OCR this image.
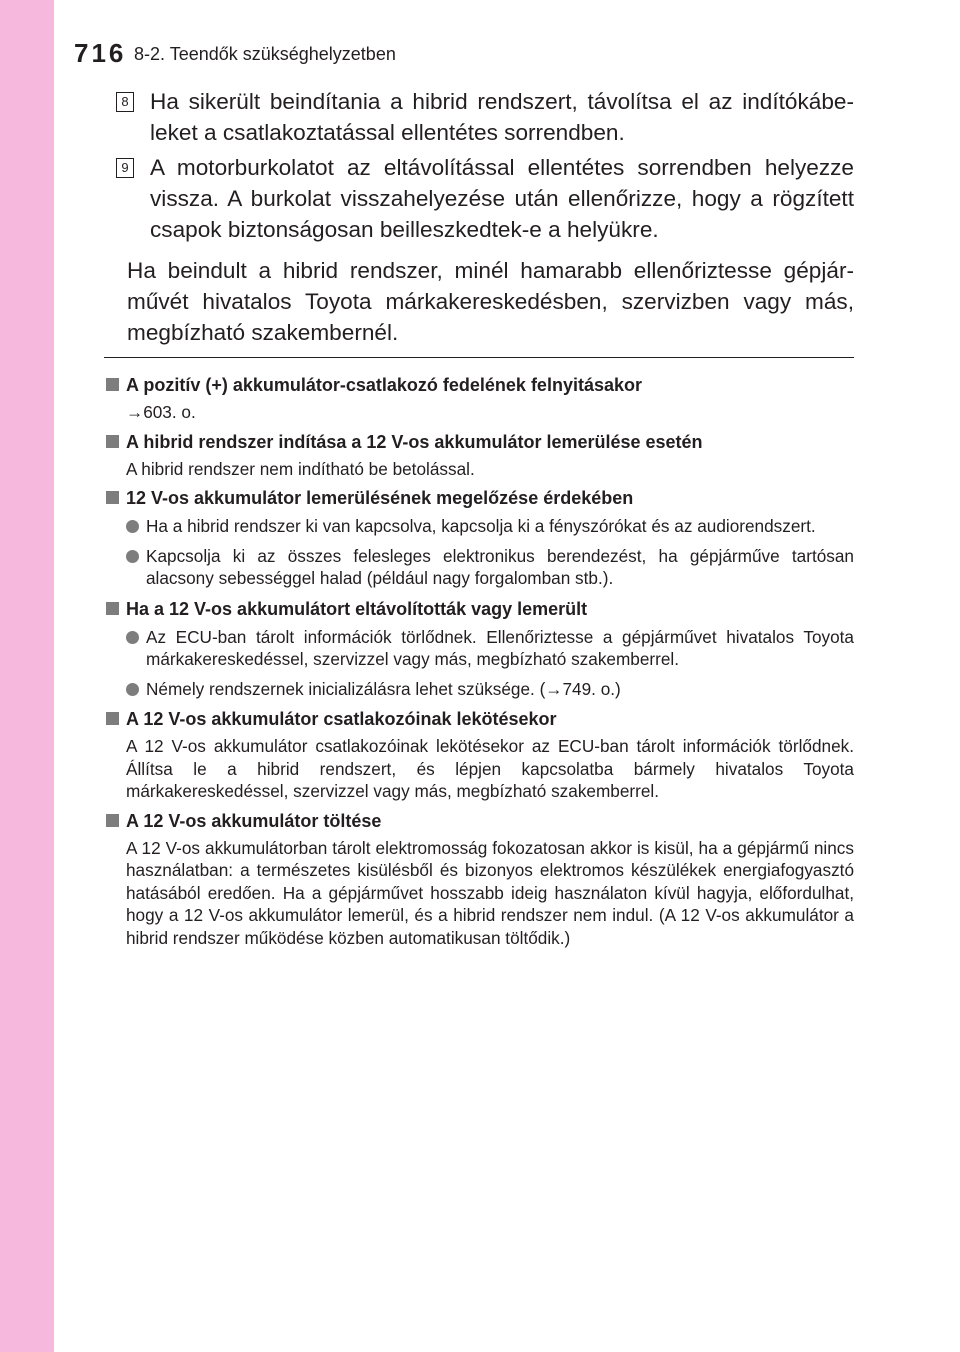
716 8-2. Teendők szükséghelyzetben
8 Ha sikerült beindítania a hibrid rendszert, távolítsa el az indítókábeleket a csatlakoztatással ellentétes sorrendben.
9 A motorburkolatot az eltávolítással ellentétes sorrendben helyezze vissza. A burkolat visszahelyezése után ellenőrizze, hogy a rögzített csapok biztonságosan beilleszkedtek-e a helyükre.
Ha beindult a hibrid rendszer, minél hamarabb ellenőriztesse gépjárművét hivatalos Toyota márkakereskedésben, szervizben vagy más, megbízható szakembernél.
A pozitív (+) akkumulátor-csatlakozó fedelének felnyitásakor
→603. o.
A hibrid rendszer indítása a 12 V-os akkumulátor lemerülése esetén
A hibrid rendszer nem indítható be betolással.
12 V-os akkumulátor lemerülésének megelőzése érdekében
Ha a hibrid rendszer ki van kapcsolva, kapcsolja ki a fényszórókat és az audiorendszert.
Kapcsolja ki az összes felesleges elektronikus berendezést, ha gépjárműve tartósan alacsony sebességgel halad (például nagy forgalomban stb.).
Ha a 12 V-os akkumulátort eltávolították vagy lemerült
Az ECU-ban tárolt információk törlődnek. Ellenőriztesse a gépjárművet hivatalos Toyota márkakereskedéssel, szervizzel vagy más, megbízható szakemberrel.
Némely rendszernek inicializálásra lehet szüksége. (→749. o.)
A 12 V-os akkumulátor csatlakozóinak lekötésekor
A 12 V-os akkumulátor csatlakozóinak lekötésekor az ECU-ban tárolt információk törlődnek. Állítsa le a hibrid rendszert, és lépjen kapcsolatba bármely hivatalos Toyota márkakereskedéssel, szervizzel vagy más, megbízható szakemberrel.
A 12 V-os akkumulátor töltése
A 12 V-os akkumulátorban tárolt elektromosság fokozatosan akkor is kisül, ha a gépjármű nincs használatban: a természetes kisülésből és bizonyos elektromos készülékek energiafogyasztó hatásából eredően. Ha a gépjárművet hosszabb ideig használaton kívül hagyja, előfordulhat, hogy a 12 V-os akkumulátor lemerül, és a hibrid rendszer nem indul. (A 12 V-os akkumulátor a hibrid rendszer működése közben automatikusan töltődik.)
